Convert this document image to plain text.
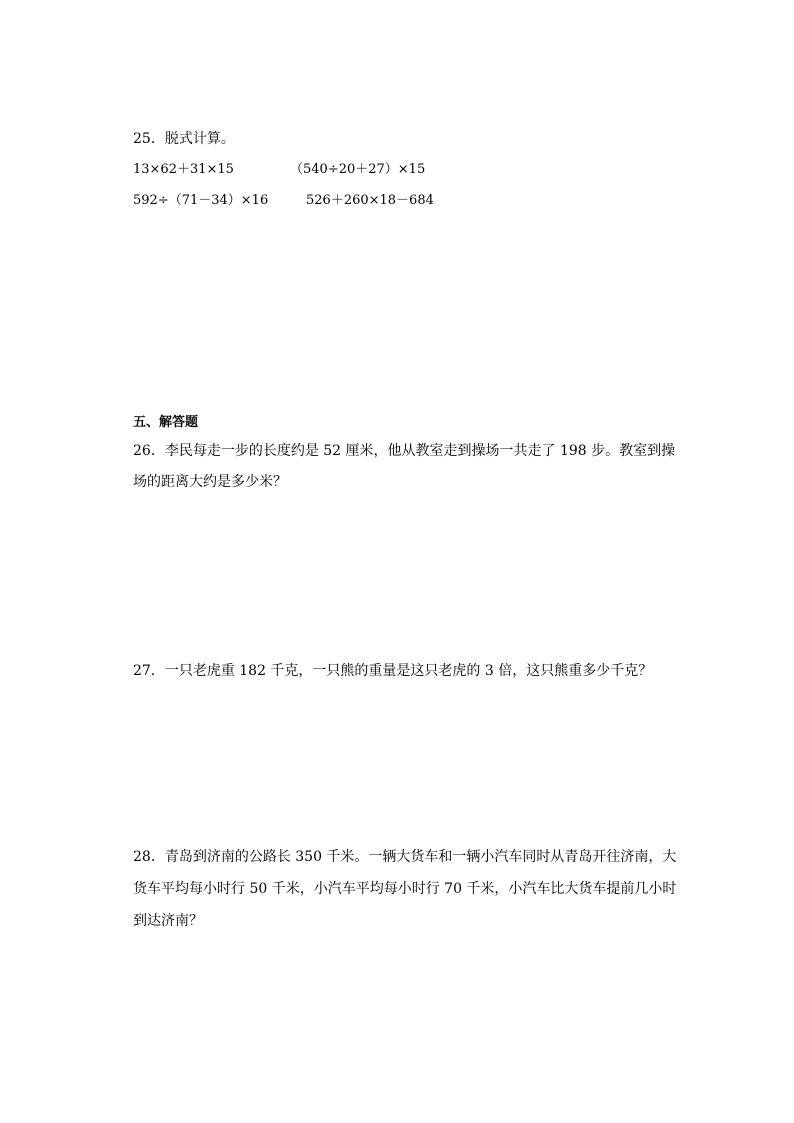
25．脱式计算。
13×62＋31×15	（540÷20＋27）×15
592÷（71－34）×16	526＋260×18－684
五、解答题
26．李民每走一步的长度约是 52 厘米，他从教室走到操场一共走了 198 步。教室到操
场的距离大约是多少米？
27．一只老虎重 182 千克，一只熊的重量是这只老虎的 3 倍，这只熊重多少千克？
28．青岛到济南的公路长 350 千米。一辆大货车和一辆小汽车同时从青岛开往济南，大
货车平均每小时行 50 千米，小汽车平均每小时行 70 千米，小汽车比大货车提前几小时
到达济南？
